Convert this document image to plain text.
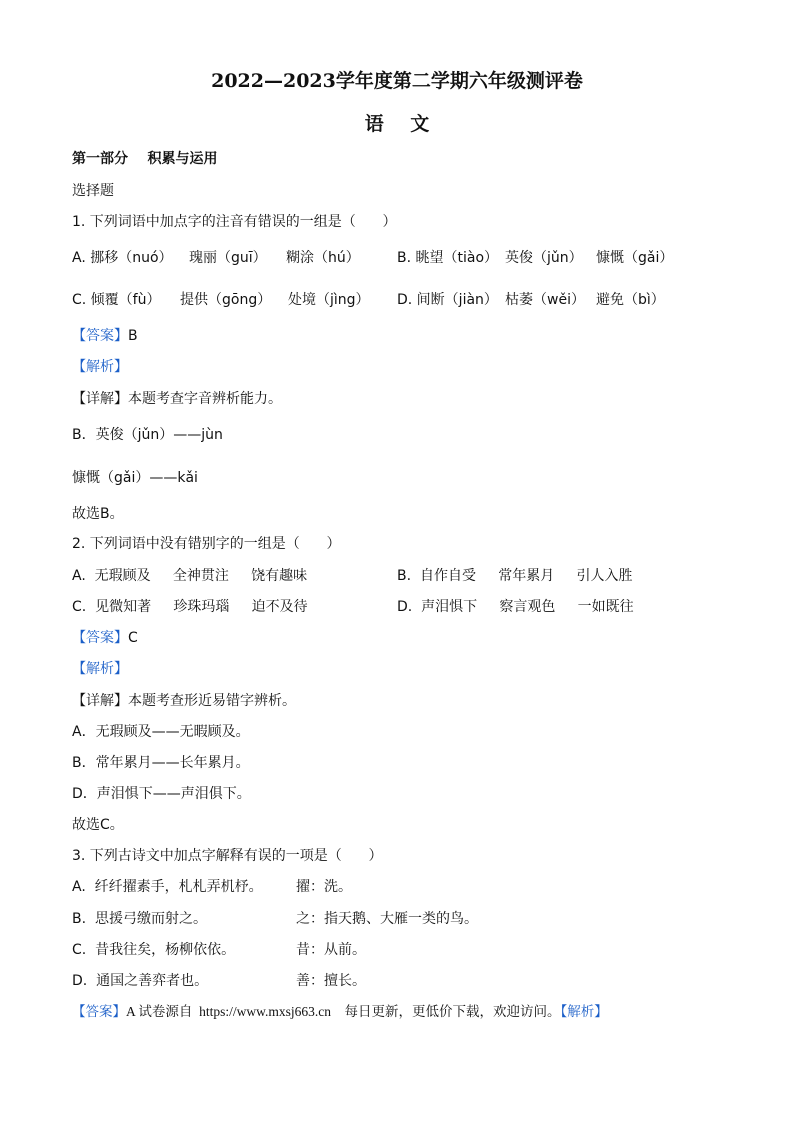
2022—2023学年度第二学期六年级测评卷
语    文
第一部分    积累与运用
选择题
1. 下列词语中加点字的注音有错误的一组是（      ）
A. 挪移（nuó） 瑰丽（guī） 糊涂（hú）	B. 眺望（tiào） 英俊（jǔn） 慷慨（gǎi）
C. 倾覆（fù） 提供（gōng） 处境（jìng） D. 间断（jiàn） 枯萎（wěi） 避免（bì）
【答案】B
【解析】
【详解】本题考查字音辨析能力。
B．英俊（jǔn）——jùn
慷慨（gǎi）——kǎi
故选B。
2. 下列词语中没有错别字的一组是（      ）
A.  无瑕顾及     全神贯注     饶有趣味	B.  自作自受     常年累月     引人入胜
C.  见微知著     珍珠玛瑙     迫不及待	D.  声泪惧下     察言观色     一如既往
【答案】C
【解析】
【详解】本题考查形近易错字辨析。
A．无瑕顾及——无暇顾及。
B．常年累月——长年累月。
D．声泪惧下——声泪俱下。
故选C。
3. 下列古诗文中加点字解释有误的一项是（      ）
A.  纤纤擢素手，札札弄机杼。 擢：洗。
B.  思援弓缴而射之。	之：指天鹅、大雁一类的鸟。
C.  昔我往矣，杨柳依依。	昔：从前。
D.  通国之善弈者也。	善：擅长。
【答案】A 试卷源自  https://www.mxsj663.cn    每日更新，更低价下载，欢迎访问。【解析】
